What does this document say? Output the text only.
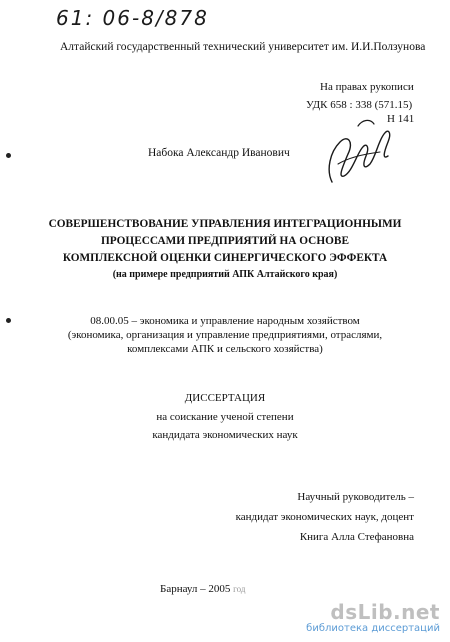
61: 06-8/878
Алтайский государственный технический университет им. И.И.Ползунова
На правах рукописи
УДК 658 : 338 (571.15)
Н 141
Набока Александр Иванович
СОВЕРШЕНСТВОВАНИЕ УПРАВЛЕНИЯ ИНТЕГРАЦИОННЫМИ
ПРОЦЕССАМИ ПРЕДПРИЯТИЙ НА ОСНОВЕ
КОМПЛЕКСНОЙ ОЦЕНКИ СИНЕРГИЧЕСКОГО ЭФФЕКТА
(на примере предприятий АПК Алтайского края)
08.00.05 – экономика и управление народным хозяйством
(экономика, организация и управление предприятиями, отраслями,
комплексами АПК и сельского хозяйства)
ДИССЕРТАЦИЯ
на соискание ученой степени
кандидата экономических наук
Научный руководитель –
кандидат экономических наук, доцент
Книга Алла Стефановна
Барнаул – 2005 год
dsLib.net
библиотека диссертаций
